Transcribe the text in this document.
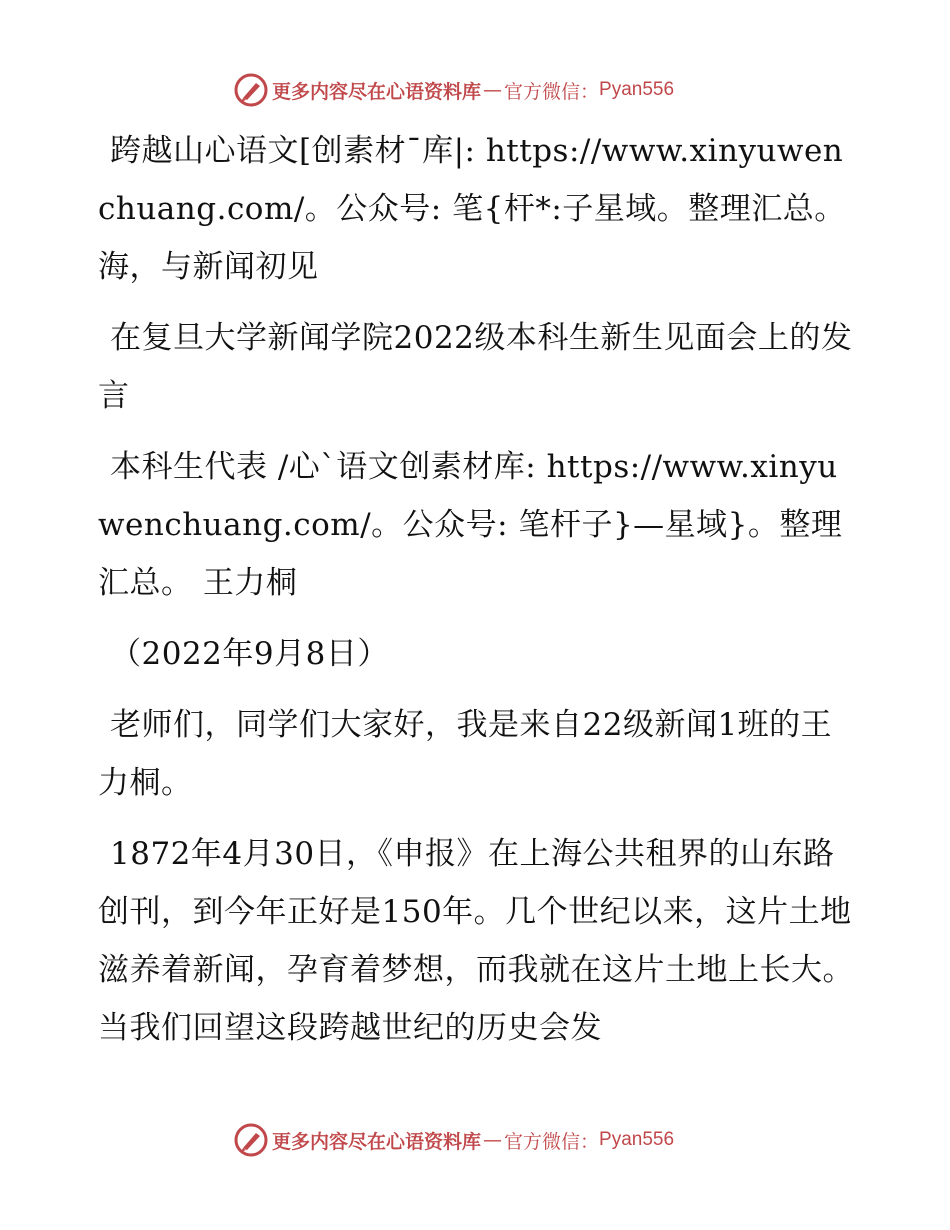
更多内容尽在心语资料库 — 官方微信： Pyan556

跨越山心语文[创素材¯库|: https://www.xinyuwenchuang.com/。公众号: 笔{杆*:子星域。整理汇总。海，与新闻初见

在复旦大学新闻学院2022级本科生新生见面会上的发言

本科生代表 /心`语文创素材库: https://www.xinyuwenchuang.com/。公众号: 笔杆子}—星域}。整理汇总。 王力桐

（2022年9月8日）

老师们，同学们大家好，我是来自22级新闻1班的王力桐。

1872年4月30日，《申报》在上海公共租界的山东路创刊，到今年正好是150年。几个世纪以来，这片土地滋养着新闻，孕育着梦想，而我就在这片土地上长大。当我们回望这段跨越世纪的历史会发

更多内容尽在心语资料库 — 官方微信： Pyan556
